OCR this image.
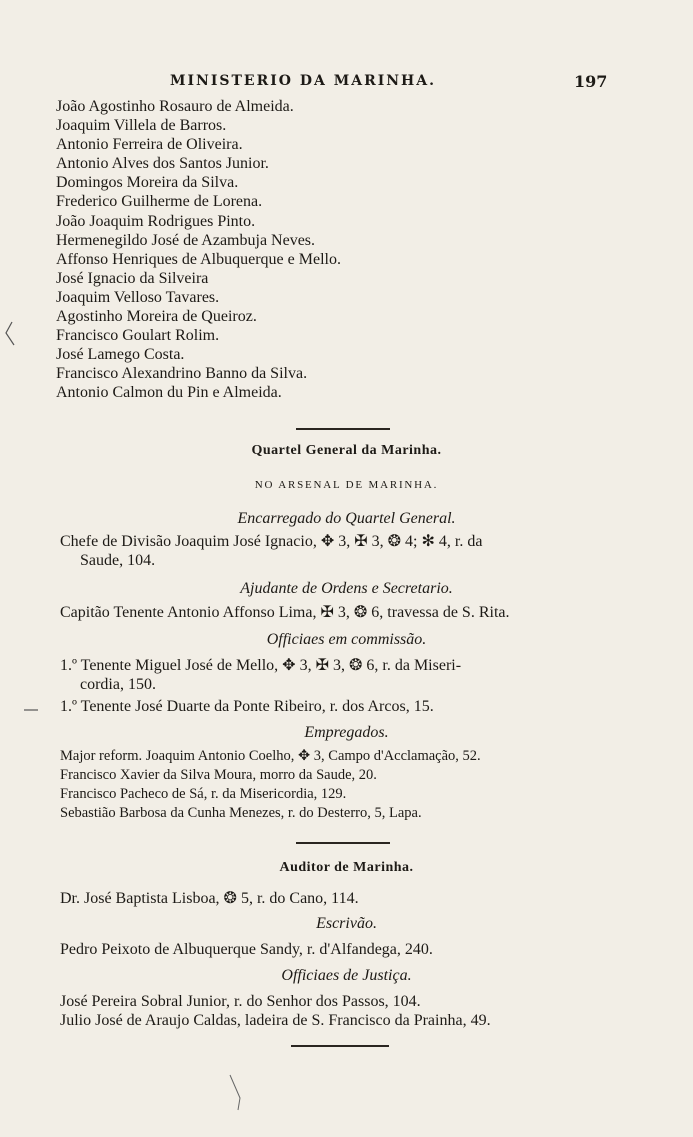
MINISTERIO DA MARINHA.	197
João Agostinho Rosauro de Almeida.
Joaquim Villela de Barros.
Antonio Ferreira de Oliveira.
Antonio Alves dos Santos Junior.
Domingos Moreira da Silva.
Frederico Guilherme de Lorena.
João Joaquim Rodrigues Pinto.
Hermenegildo José de Azambuja Neves.
Affonso Henriques de Albuquerque e Mello.
José Ignacio da Silveira
Joaquim Velloso Tavares.
Agostinho Moreira de Queiroz.
Francisco Goulart Rolim.
José Lamego Costa.
Francisco Alexandrino Banno da Silva.
Antonio Calmon du Pin e Almeida.
Quartel General da Marinha.
NO ARSENAL DE MARINHA.
Encarregado do Quartel General.
Chefe de Divisão Joaquim José Ignacio, ✥ 3, ✠ 3, ❂ 4; ✻ 4, r. da
Saude, 104.
Ajudante de Ordens e Secretario.
Capitão Tenente Antonio Affonso Lima, ✠ 3, ❂ 6, travessa de S. Rita.
Officiaes em commissão.
1.º Tenente Miguel José de Mello, ✥ 3, ✠ 3, ❂ 6, r. da Miseri-
cordia, 150.
1.º Tenente José Duarte da Ponte Ribeiro, r. dos Arcos, 15.
Empregados.
Major reform. Joaquim Antonio Coelho, ✥ 3, Campo d'Acclamação, 52.
Francisco Xavier da Silva Moura, morro da Saude, 20.
Francisco Pacheco de Sá, r. da Misericordia, 129.
Sebastião Barbosa da Cunha Menezes, r. do Desterro, 5, Lapa.
Auditor de Marinha.
Dr. José Baptista Lisboa, ❂ 5, r. do Cano, 114.
Escrivão.
Pedro Peixoto de Albuquerque Sandy, r. d'Alfandega, 240.
Officiaes de Justiça.
José Pereira Sobral Junior, r. do Senhor dos Passos, 104.
Julio José de Araujo Caldas, ladeira de S. Francisco da Prainha, 49.
